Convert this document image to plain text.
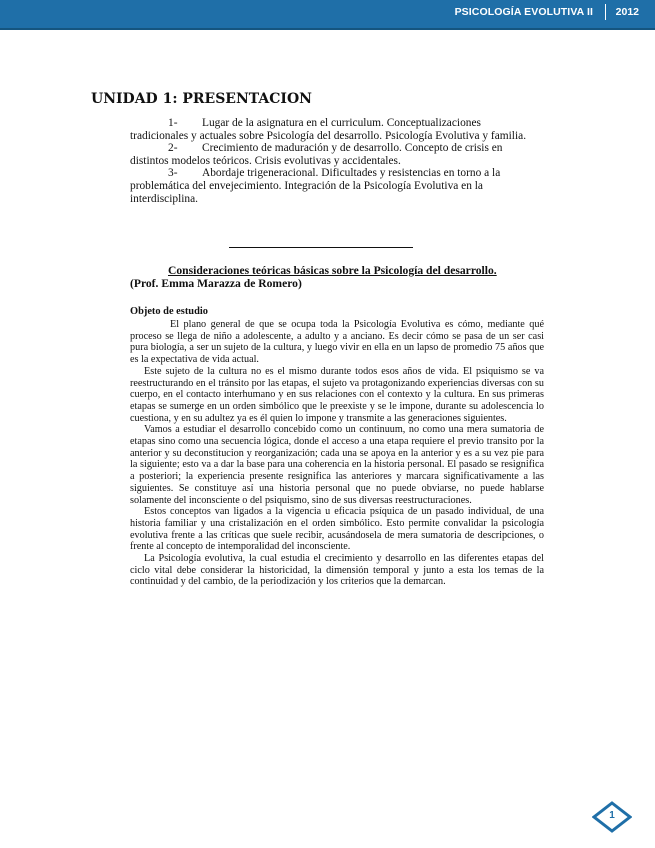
PSICOLOGÍA EVOLUTIVA II 2012
UNIDAD 1: PRESENTACION

1- Lugar de la asignatura en el curriculum. Conceptualizaciones

tradicionales y actuales sobre Psicología del desarrollo. Psicología Evolutiva y familia.

2- Crecimiento de maduración y de desarrollo. Concepto de crisis en

distintos modelos teóricos. Crisis evolutivas y accidentales.

3- Abordaje trigeneracional. Dificultades y resistencias en torno a la

problemática del envejecimiento. Integración de la Psicología Evolutiva en la interdisciplina.

Consideraciones teóricas básicas sobre la Psicología del desarrollo.
(Prof. Emma Marazza de Romero)
Objeto de estudio

El plano general de que se ocupa toda la Psicología Evolutiva es cómo, mediante qué proceso se llega de niño a adolescente, a adulto y a anciano. Es decir cómo se pasa de un ser casi pura biología, a ser un sujeto de la cultura, y luego vivir en ella en un lapso de promedio 75 años que es la expectativa de vida actual.

Este sujeto de la cultura no es el mismo durante todos esos años de vida. El psiquismo se va reestructurando en el tránsito por las etapas, el sujeto va protagonizando experiencias diversas con su cuerpo, en el contacto interhumano y en sus relaciones con el contexto y la cultura. En sus primeras etapas se sumerge en un orden simbólico que le preexiste y se le impone, durante su adolescencia lo cuestiona, y en su adultez ya es él quien lo impone y transmite a las generaciones siguientes.

Vamos a estudiar el desarrollo concebido como un continuum, no como una mera sumatoria de etapas sino como una secuencia lógica, donde el acceso a una etapa requiere el previo transito por la anterior y su deconstitucion y reorganización; cada una se apoya en la anterior y es a su vez pie para la siguiente; esto va a dar la base para una coherencia en la historia personal. El pasado se resignifica a posteriori; la experiencia presente resignifica las anteriores y marcara significativamente a las siguientes. Se constituye así una historia personal que no puede obviarse, no puede hablarse solamente del inconsciente o del psiquismo, sino de sus diversas reestructuraciones.

Estos conceptos van ligados a la vigencia u eficacia psíquica de un pasado individual, de una historia familiar y una cristalización en el orden simbólico. Esto permite convalidar la psicología evolutiva frente a las críticas que suele recibir, acusándosela de mera sumatoria de descripciones, o frente al concepto de intemporalidad del inconsciente.

La Psicología evolutiva, la cual estudia el crecimiento y desarrollo en las diferentes etapas del ciclo vital debe considerar la historicidad, la dimensión temporal y junto a esta los temas de la continuidad y del cambio, de la periodización y los criterios que la demarcan.

1
